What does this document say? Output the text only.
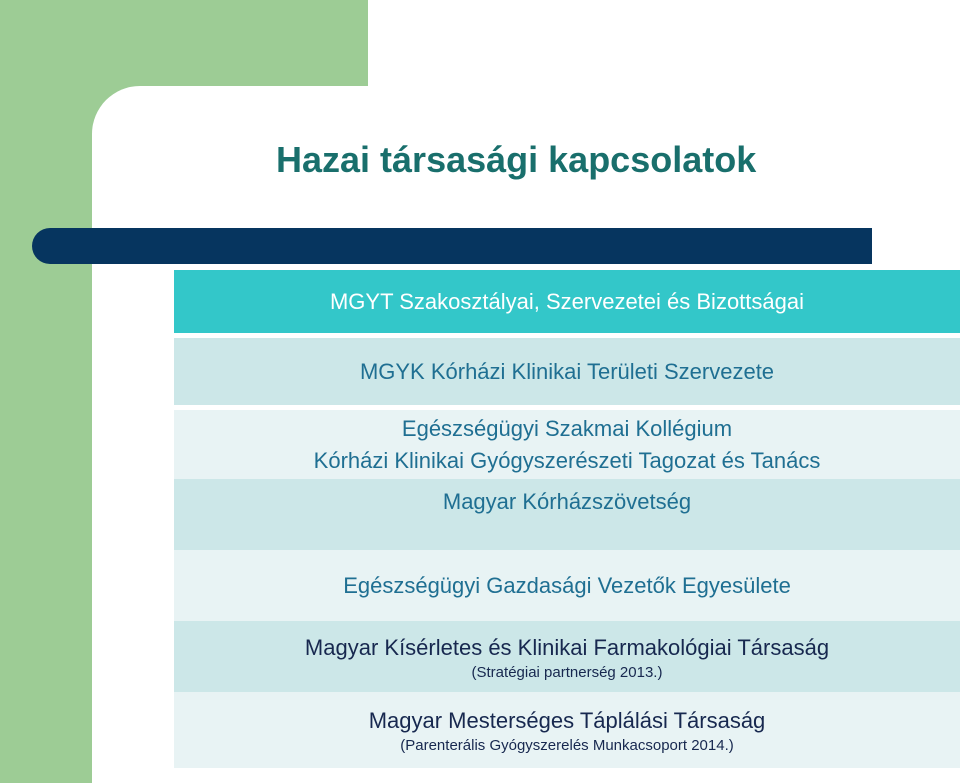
Hazai társasági kapcsolatok
MGYT Szakosztályai, Szervezetei és Bizottságai
MGYK Kórházi Klinikai Területi Szervezete
Egészségügyi Szakmai Kollégium
Kórházi Klinikai Gyógyszerészeti Tagozat és Tanács
Magyar Kórházszövetség
Egészségügyi Gazdasági Vezetők Egyesülete
Magyar Kísérletes és Klinikai Farmakológiai Társaság
(Stratégiai partnerség 2013.)
Magyar Mesterséges Táplálási Társaság
(Parenterális Gyógyszerelés Munkacsoport 2014.)
